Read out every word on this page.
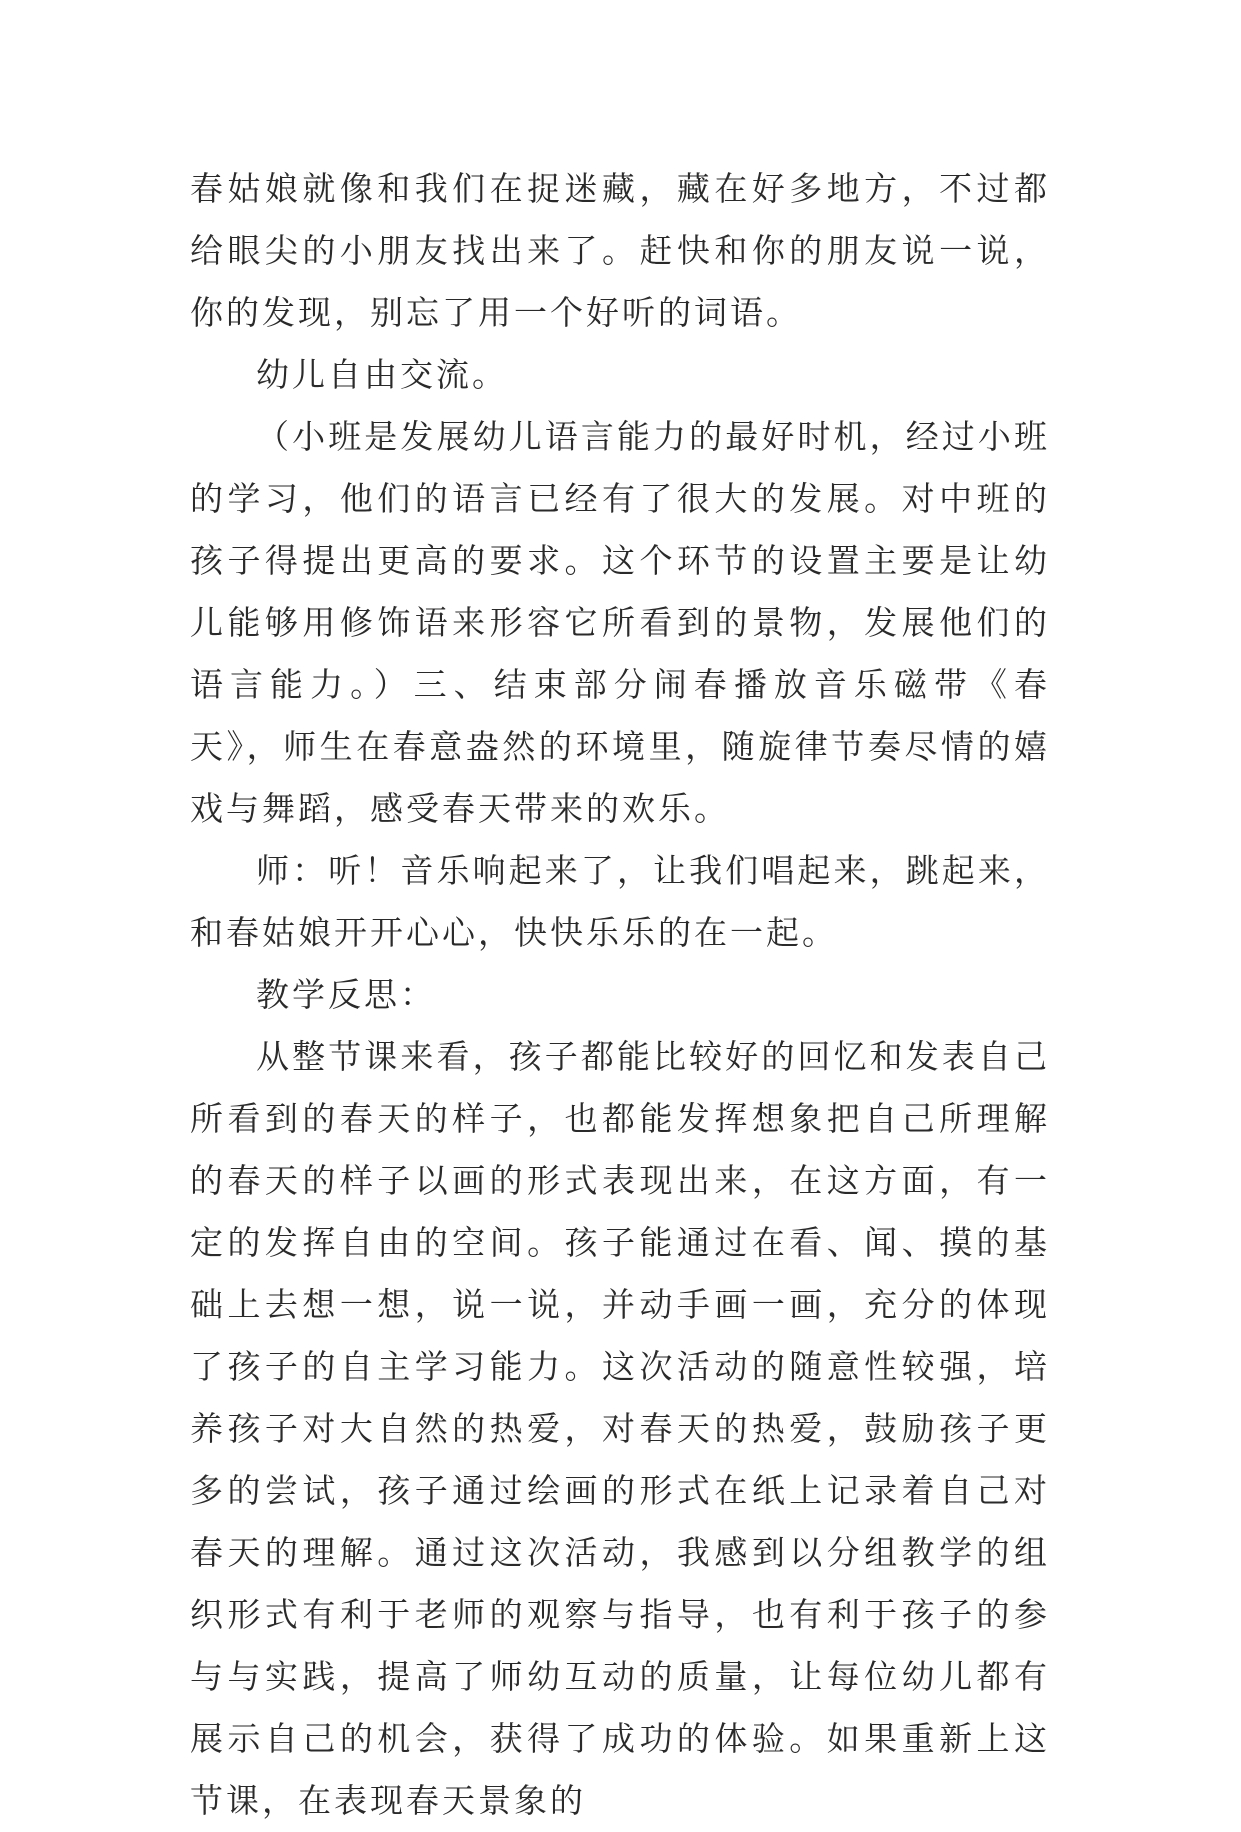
春姑娘就像和我们在捉迷藏，藏在好多地方，不过都给眼尖的小朋友找出来了。赶快和你的朋友说一说，你的发现，别忘了用一个好听的词语。

幼儿自由交流。

（小班是发展幼儿语言能力的最好时机，经过小班的学习，他们的语言已经有了很大的发展。对中班的孩子得提出更高的要求。这个环节的设置主要是让幼儿能够用修饰语来形容它所看到的景物，发展他们的语言能力。）三、结束部分闹春播放音乐磁带《春天》，师生在春意盎然的环境里，随旋律节奏尽情的嬉戏与舞蹈，感受春天带来的欢乐。

师：听！音乐响起来了，让我们唱起来，跳起来，和春姑娘开开心心，快快乐乐的在一起。

教学反思：

从整节课来看，孩子都能比较好的回忆和发表自己所看到的春天的样子，也都能发挥想象把自己所理解的春天的样子以画的形式表现出来，在这方面，有一定的发挥自由的空间。孩子能通过在看、闻、摸的基础上去想一想，说一说，并动手画一画，充分的体现了孩子的自主学习能力。这次活动的随意性较强，培养孩子对大自然的热爱，对春天的热爱，鼓励孩子更多的尝试，孩子通过绘画的形式在纸上记录着自己对春天的理解。通过这次活动，我感到以分组教学的组织形式有利于老师的观察与指导，也有利于孩子的参与与实践，提高了师幼互动的质量，让每位幼儿都有展示自己的机会，获得了成功的体验。如果重新上这节课，在表现春天景象的
